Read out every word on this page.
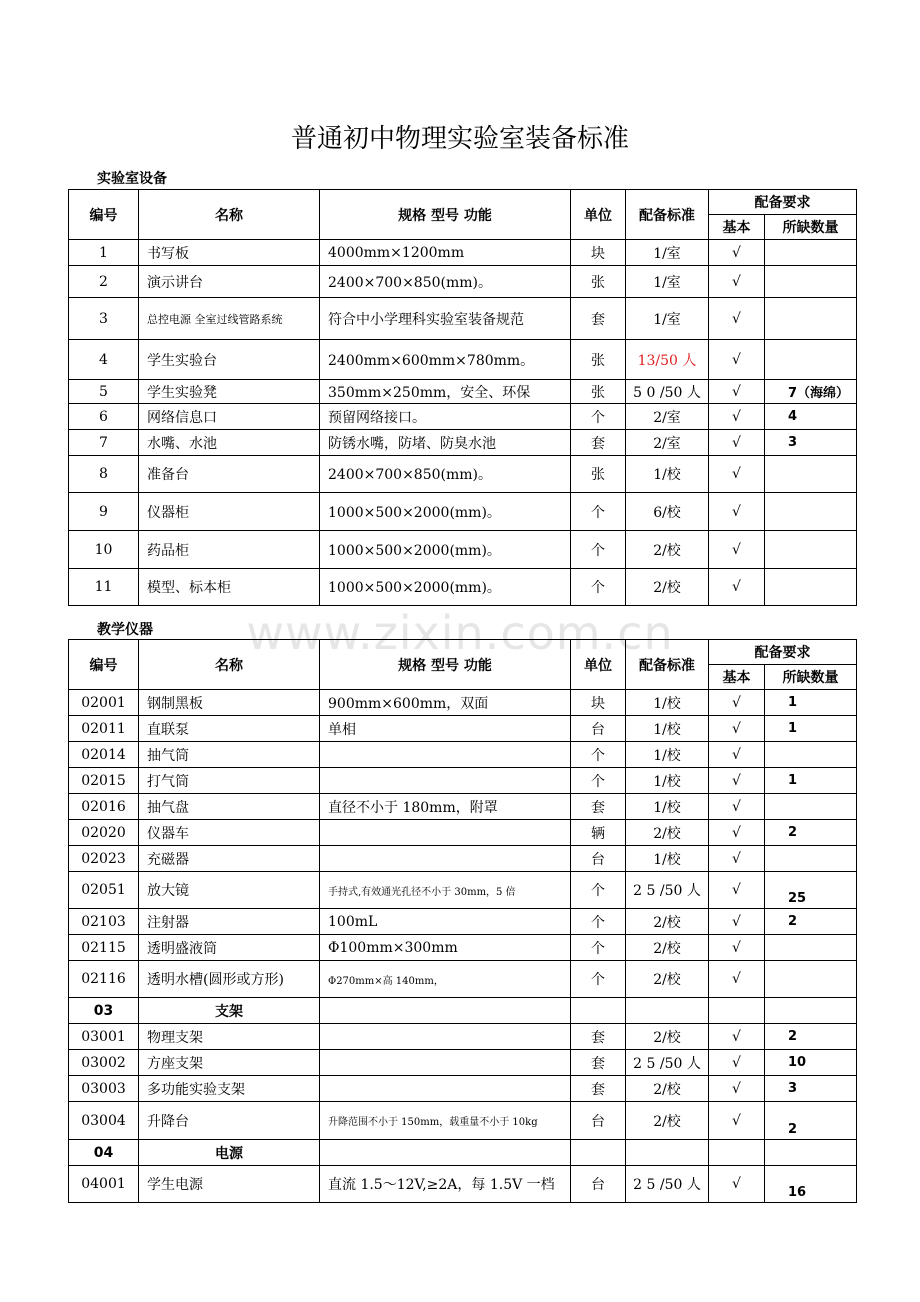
普通初中物理实验室装备标准
www.zixin.com.cn
实验室设备
编号	名称	规格 型号 功能	单位	配备标准	配备要求	
					基本	所缺数量
1	书写板	4000mm×1200mm	块	1/室	√	
2	演示讲台	2400×700×850(mm)。	张	1/室	√	
3	总控电源 全室过线管路系统	符合中小学理科实验室装备规范	套	1/室	√	
4	学生实验台	2400mm×600mm×780mm。	张	13/50 人	√	
5	学生实验凳	350mm×250mm，安全、环保	张	5 0 /50 人	√	7（海绵）
6	网络信息口	预留网络接口。	个	2/室	√	4
7	水嘴、水池	防锈水嘴，防堵、防臭水池	套	2/室	√	3
8	准备台	2400×700×850(mm)。	张	1/校	√	
9	仪器柜	1000×500×2000(mm)。	个	6/校	√	
10	药品柜	1000×500×2000(mm)。	个	2/校	√	
11	模型、标本柜	1000×500×2000(mm)。	个	2/校	√	
教学仪器
编号	名称	规格 型号 功能	单位	配备标准	配备要求	
					基本	所缺数量
02001	钢制黑板	900mm×600mm，双面	块	1/校	√	1
02011	直联泵	单相	台	1/校	√	1
02014	抽气筒		个	1/校	√	
02015	打气筒		个	1/校	√	1
02016	抽气盘	直径不小于 180mm，附罩	套	1/校	√	
02020	仪器车		辆	2/校	√	2
02023	充磁器		台	1/校	√	
02051	放大镜	手持式,有效通光孔径不小于 30mm，5 倍	个	2 5 /50 人	√	25
02103	注射器	100mL	个	2/校	√	2
02115	透明盛液筒	Φ100mm×300mm	个	2/校	√	
02116	透明水槽(圆形或方形)	Φ270mm×高 140mm，	个	2/校	√	
03	支架					
03001	物理支架		套	2/校	√	2
03002	方座支架		套	2 5 /50 人	√	10
03003	多功能实验支架		套	2/校	√	3
03004	升降台	升降范围不小于 150mm，载重量不小于 10kg	台	2/校	√	2
04	电源					
04001	学生电源	直流 1.5～12V,≥2A，每 1.5V 一档	台	2 5 /50 人	√	16
